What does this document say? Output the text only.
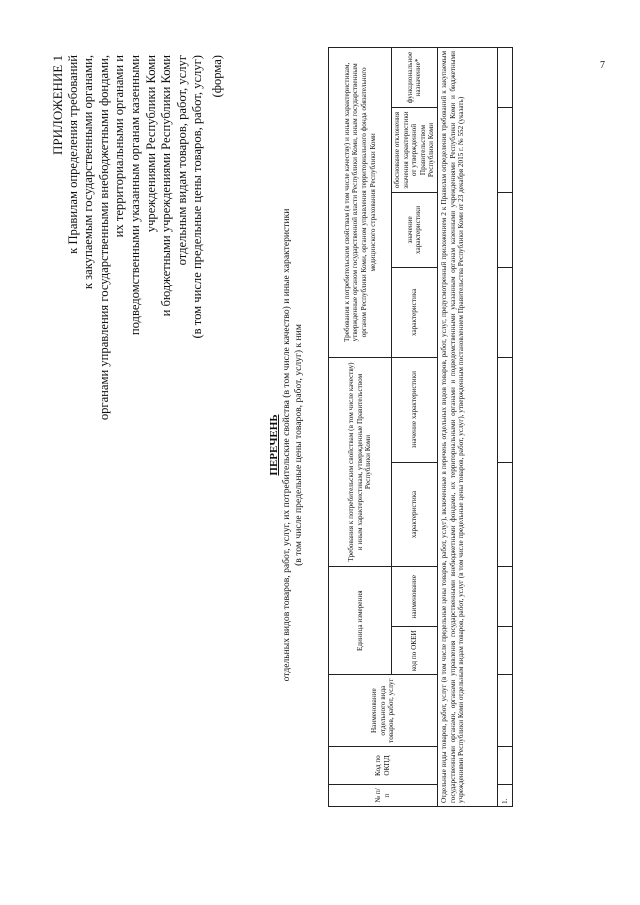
7
ПРИЛОЖЕНИЕ 1 к Правилам определения требований к закупаемым государственными органами, органами управления государственными внебюджетными фондами, их территориальными органами и подведомственными указанным органам казенными учреждениями Республики Коми и бюджетными учреждениями Республики Коми отдельным видам товаров, работ, услуг (в том числе предельные цены товаров, работ, услуг) (форма)
ПЕРЕЧЕНЬ отдельных видов товаров, работ, услуг, их потребительские свойства (в том числе качество) и иные характеристики (в том числе предельные цены товаров, работ, услуг) к ним
№ п/п	Код по ОКПД	Наименование отдельного вида товаров, работ, услуг	Единица измерения		Требования к потребительским свойствам (в том числе качеству) и иным характеристикам, утвержденные Правительством Республики Коми		Требования к потребительским свойствам (в том числе качеству) и иным характеристикам, утвержденные органом государственной власти Республики Коми, иным государственным органом Республики Коми, органом управления территориального фонда обязательного медицинского страхования Республики Коми			
			код по ОКЕИ	наименование	характеристика	значение характеристики	характеристика	значение характеристики	обоснование отклонения значения характеристики от утвержденной Правительством Республики Коми	функциональное назначение*
Отдельные виды товаров, работ, услуг (в том числе предельные цены товаров, работ, услуг), включенные в перечень отдельных видов товаров, работ, услуг, предусмотренный приложением 2 к Правилам определения требований к закупаемым государственными органами, органами управления государственными внебюджетными фондами, их территориальными органами и подведомственными указанным органам казенными учреждениями Республики Коми и бюджетными учреждениями Республики Коми отдельным видам товаров, работ, услуг (в том числе предельные цены товаров, работ, услуг), утвержденным постановлением Правительства Республики Коми от 23 декабря 2015 г. № 552 (указать)										
1.										
